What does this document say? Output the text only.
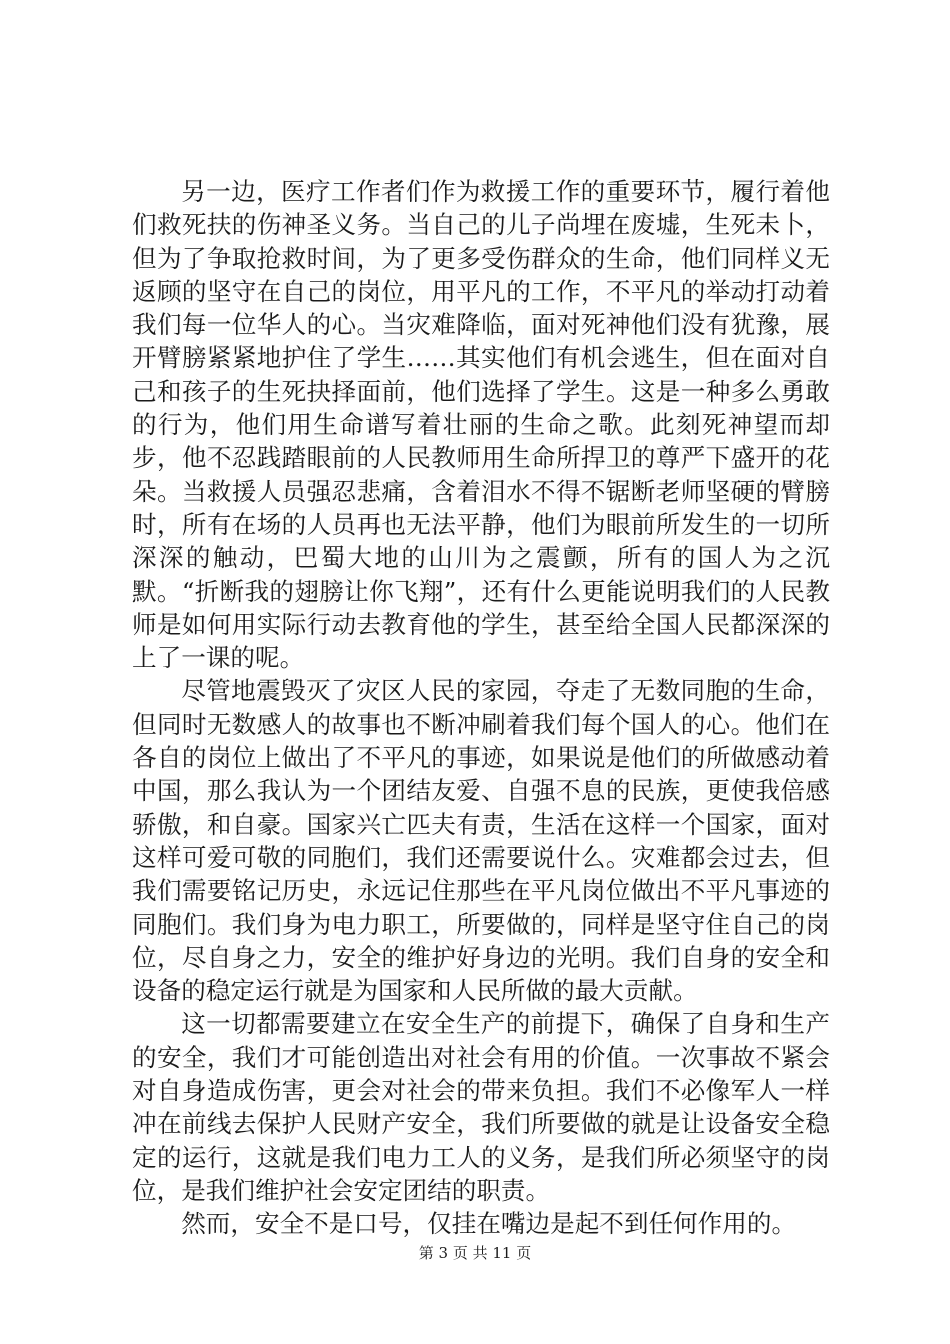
另一边，医疗工作者们作为救援工作的重要环节，履行着他们救死扶的伤神圣义务。当自己的儿子尚埋在废墟，生死未卜，但为了争取抢救时间，为了更多受伤群众的生命，他们同样义无返顾的坚守在自己的岗位，用平凡的工作，不平凡的举动打动着我们每一位华人的心。当灾难降临，面对死神他们没有犹豫，展开臂膀紧紧地护住了学生……其实他们有机会逃生，但在面对自己和孩子的生死抉择面前，他们选择了学生。这是一种多么勇敢的行为，他们用生命谱写着壮丽的生命之歌。此刻死神望而却步，他不忍践踏眼前的人民教师用生命所捍卫的尊严下盛开的花朵。当救援人员强忍悲痛，含着泪水不得不锯断老师坚硬的臂膀时，所有在场的人员再也无法平静，他们为眼前所发生的一切所深深的触动，巴蜀大地的山川为之震颤，所有的国人为之沉默。“折断我的翅膀让你飞翔”，还有什么更能说明我们的人民教师是如何用实际行动去教育他的学生，甚至给全国人民都深深的上了一课的呢。

尽管地震毁灭了灾区人民的家园，夺走了无数同胞的生命，但同时无数感人的故事也不断冲刷着我们每个国人的心。他们在各自的岗位上做出了不平凡的事迹，如果说是他们的所做感动着中国，那么我认为一个团结友爱、自强不息的民族，更使我倍感骄傲，和自豪。国家兴亡匹夫有责，生活在这样一个国家，面对这样可爱可敬的同胞们，我们还需要说什么。灾难都会过去，但我们需要铭记历史，永远记住那些在平凡岗位做出不平凡事迹的同胞们。我们身为电力职工，所要做的，同样是坚守住自己的岗位，尽自身之力，安全的维护好身边的光明。我们自身的安全和设备的稳定运行就是为国家和人民所做的最大贡献。

这一切都需要建立在安全生产的前提下，确保了自身和生产的安全，我们才可能创造出对社会有用的价值。一次事故不紧会对自身造成伤害，更会对社会的带来负担。我们不必像军人一样冲在前线去保护人民财产安全，我们所要做的就是让设备安全稳定的运行，这就是我们电力工人的义务，是我们所必须坚守的岗位，是我们维护社会安定团结的职责。

然而，安全不是口号，仅挂在嘴边是起不到任何作用的。

第 3 页 共 11 页
